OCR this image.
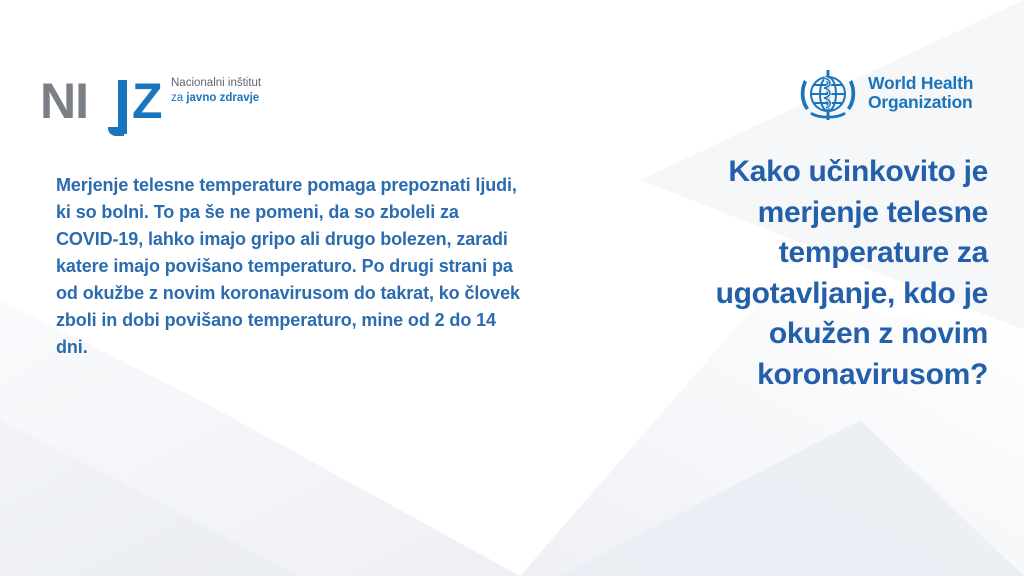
NI Z Nacionalni inštitut
za javno zdravje
World Health
Organization

Merjenje telesne temperature pomaga prepoznati ljudi, ki so bolni. To pa še ne pomeni, da so zboleli za COVID-19, lahko imajo gripo ali drugo bolezen, zaradi katere imajo povišano temperaturo. Po drugi strani pa od okužbe z novim koronavirusom do takrat, ko človek zboli in dobi povišano temperaturo, mine od 2 do 14 dni.

Kako učinkovito je merjenje telesne temperature za ugotavljanje, kdo je okužen z novim koronavirusom?
